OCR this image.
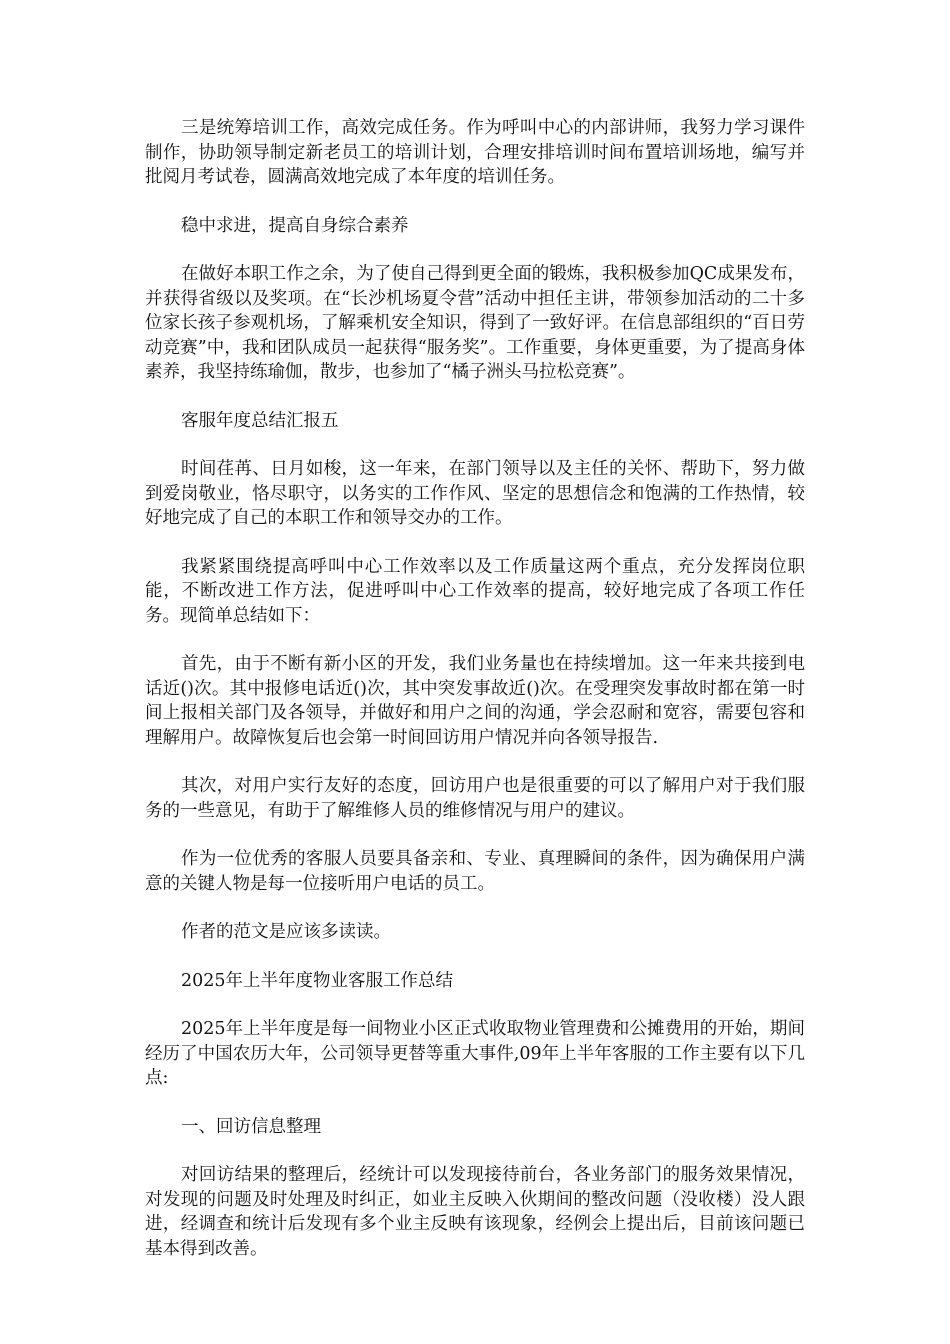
三是统筹培训工作，高效完成任务。作为呼叫中心的内部讲师，我努力学习课件制作，协助领导制定新老员工的培训计划，合理安排培训时间布置培训场地，编写并批阅月考试卷，圆满高效地完成了本年度的培训任务。

稳中求进，提高自身综合素养

在做好本职工作之余，为了使自己得到更全面的锻炼，我积极参加QC成果发布，并获得省级以及奖项。在“长沙机场夏令营”活动中担任主讲，带领参加活动的二十多位家长孩子参观机场，了解乘机安全知识，得到了一致好评。在信息部组织的“百日劳动竞赛”中，我和团队成员一起获得“服务奖”。工作重要，身体更重要，为了提高身体素养，我坚持练瑜伽，散步，也参加了“橘子洲头马拉松竞赛”。

客服年度总结汇报五

时间荏苒、日月如梭，这一年来，在部门领导以及主任的关怀、帮助下，努力做到爱岗敬业，恪尽职守，以务实的工作作风、坚定的思想信念和饱满的工作热情，较好地完成了自己的本职工作和领导交办的工作。

我紧紧围绕提高呼叫中心工作效率以及工作质量这两个重点，充分发挥岗位职能，不断改进工作方法，促进呼叫中心工作效率的提高，较好地完成了各项工作任务。现简单总结如下：

首先，由于不断有新小区的开发，我们业务量也在持续增加。这一年来共接到电话近()次。其中报修电话近()次，其中突发事故近()次。在受理突发事故时都在第一时间上报相关部门及各领导，并做好和用户之间的沟通，学会忍耐和宽容，需要包容和理解用户。故障恢复后也会第一时间回访用户情况并向各领导报告.

其次，对用户实行友好的态度，回访用户也是很重要的可以了解用户对于我们服务的一些意见，有助于了解维修人员的维修情况与用户的建议。

作为一位优秀的客服人员要具备亲和、专业、真理瞬间的条件，因为确保用户满意的关键人物是每一位接听用户电话的员工。

作者的范文是应该多读读。

2025年上半年度物业客服工作总结

2025年上半年度是每一间物业小区正式收取物业管理费和公摊费用的开始，期间经历了中国农历大年，公司领导更替等重大事件,09年上半年客服的工作主要有以下几点:

一、回访信息整理

对回访结果的整理后，经统计可以发现接待前台，各业务部门的服务效果情况，对发现的问题及时处理及时纠正，如业主反映入伙期间的整改问题（没收楼）没人跟进，经调查和统计后发现有多个业主反映有该现象，经例会上提出后，目前该问题已基本得到改善。
